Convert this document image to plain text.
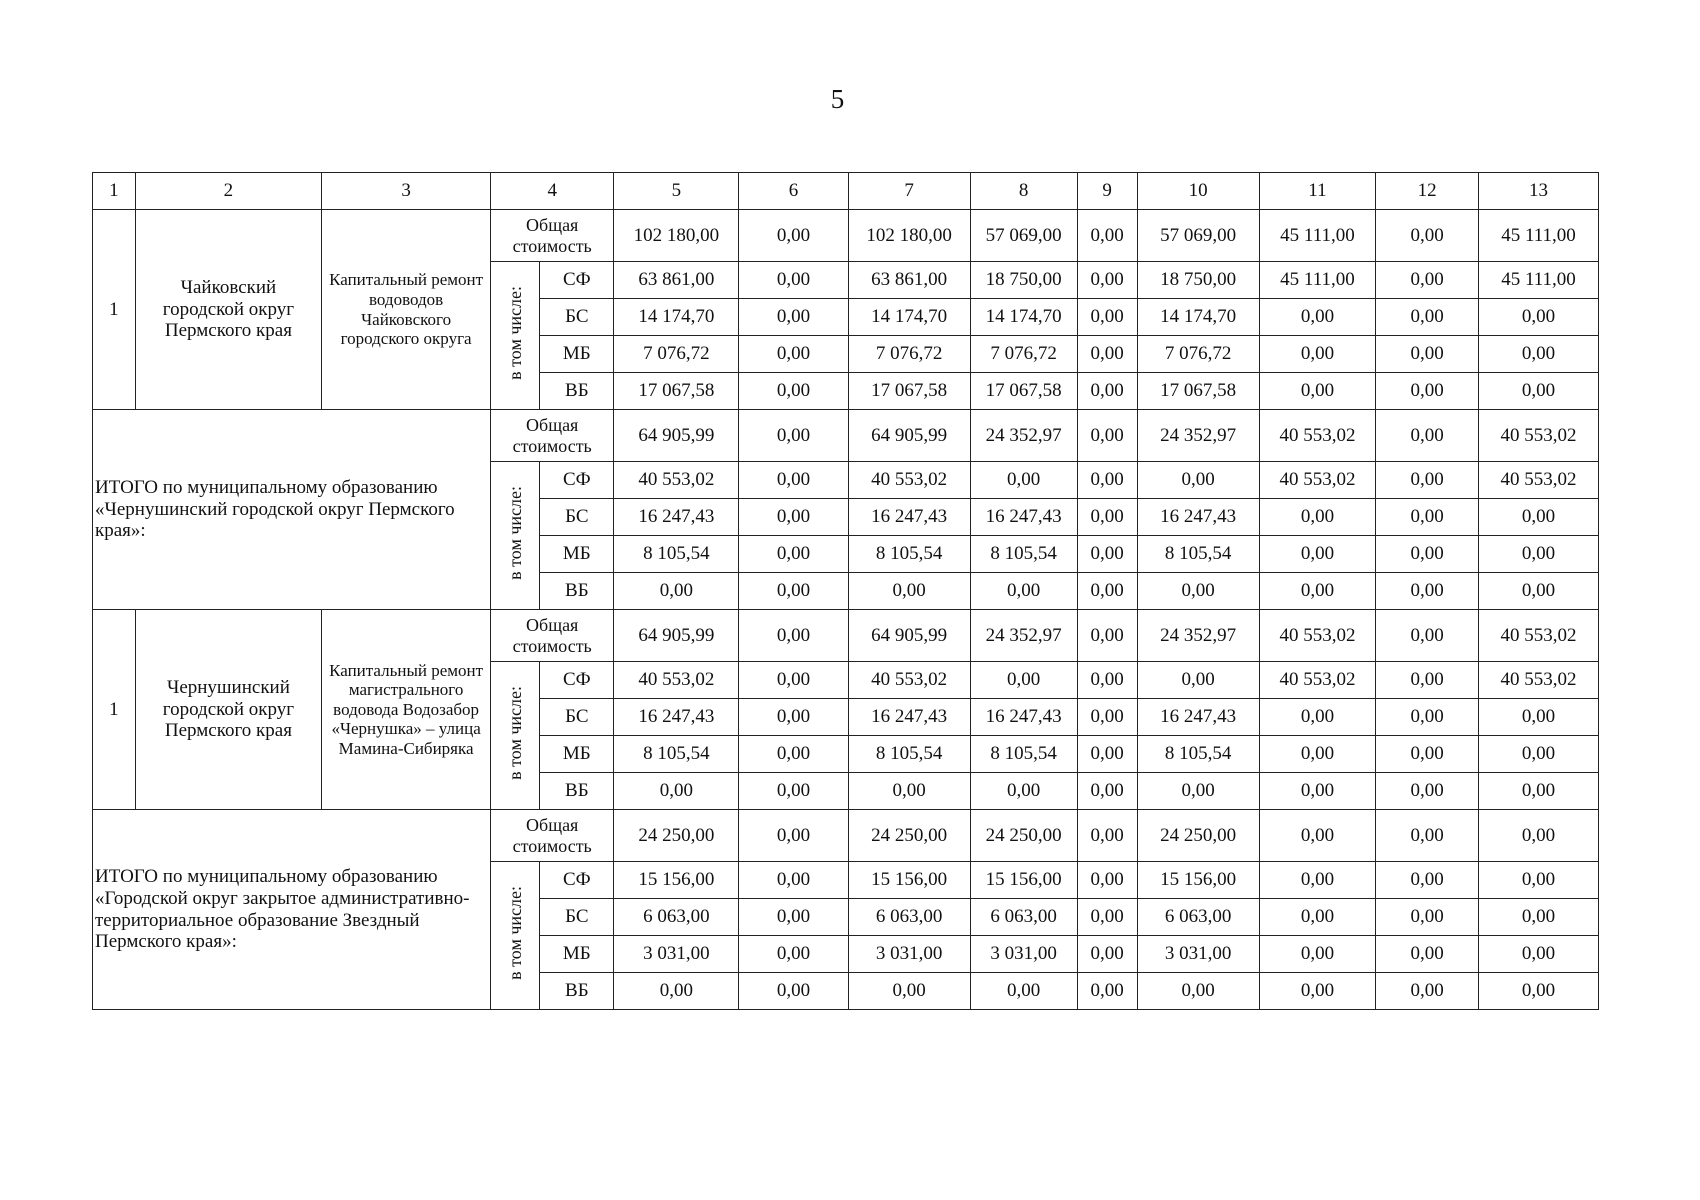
5
1	2	3	4		5	6	7	8	9	10	11	12	13
1	Чайковский городской округ Пермского края	Капитальный ремонт водоводов Чайковского городского округа	Общая стоимость		102 180,00	0,00	102 180,00	57 069,00	0,00	57 069,00	45 111,00	0,00	45 111,00
			в том числе:	СФ	63 861,00	0,00	63 861,00	18 750,00	0,00	18 750,00	45 111,00	0,00	45 111,00
				БС	14 174,70	0,00	14 174,70	14 174,70	0,00	14 174,70	0,00	0,00	0,00
				МБ	7 076,72	0,00	7 076,72	7 076,72	0,00	7 076,72	0,00	0,00	0,00
				ВБ	17 067,58	0,00	17 067,58	17 067,58	0,00	17 067,58	0,00	0,00	0,00
ИТОГО по муниципальному образованию «Чернушинский городской округ Пермского края»:			Общая стоимость		64 905,99	0,00	64 905,99	24 352,97	0,00	24 352,97	40 553,02	0,00	40 553,02
			в том числе:	СФ	40 553,02	0,00	40 553,02	0,00	0,00	0,00	40 553,02	0,00	40 553,02
				БС	16 247,43	0,00	16 247,43	16 247,43	0,00	16 247,43	0,00	0,00	0,00
				МБ	8 105,54	0,00	8 105,54	8 105,54	0,00	8 105,54	0,00	0,00	0,00
				ВБ	0,00	0,00	0,00	0,00	0,00	0,00	0,00	0,00	0,00
1	Чернушинский городской округ Пермского края	Капитальный ремонт магистрального водовода Водозабор «Чернушка» – улица Мамина-Сибиряка	Общая стоимость		64 905,99	0,00	64 905,99	24 352,97	0,00	24 352,97	40 553,02	0,00	40 553,02
			в том числе:	СФ	40 553,02	0,00	40 553,02	0,00	0,00	0,00	40 553,02	0,00	40 553,02
				БС	16 247,43	0,00	16 247,43	16 247,43	0,00	16 247,43	0,00	0,00	0,00
				МБ	8 105,54	0,00	8 105,54	8 105,54	0,00	8 105,54	0,00	0,00	0,00
				ВБ	0,00	0,00	0,00	0,00	0,00	0,00	0,00	0,00	0,00
ИТОГО по муниципальному образованию «Городской округ закрытое административно-территориальное образование Звездный Пермского края»:			Общая стоимость		24 250,00	0,00	24 250,00	24 250,00	0,00	24 250,00	0,00	0,00	0,00
			в том числе:	СФ	15 156,00	0,00	15 156,00	15 156,00	0,00	15 156,00	0,00	0,00	0,00
				БС	6 063,00	0,00	6 063,00	6 063,00	0,00	6 063,00	0,00	0,00	0,00
				МБ	3 031,00	0,00	3 031,00	3 031,00	0,00	3 031,00	0,00	0,00	0,00
				ВБ	0,00	0,00	0,00	0,00	0,00	0,00	0,00	0,00	0,00
